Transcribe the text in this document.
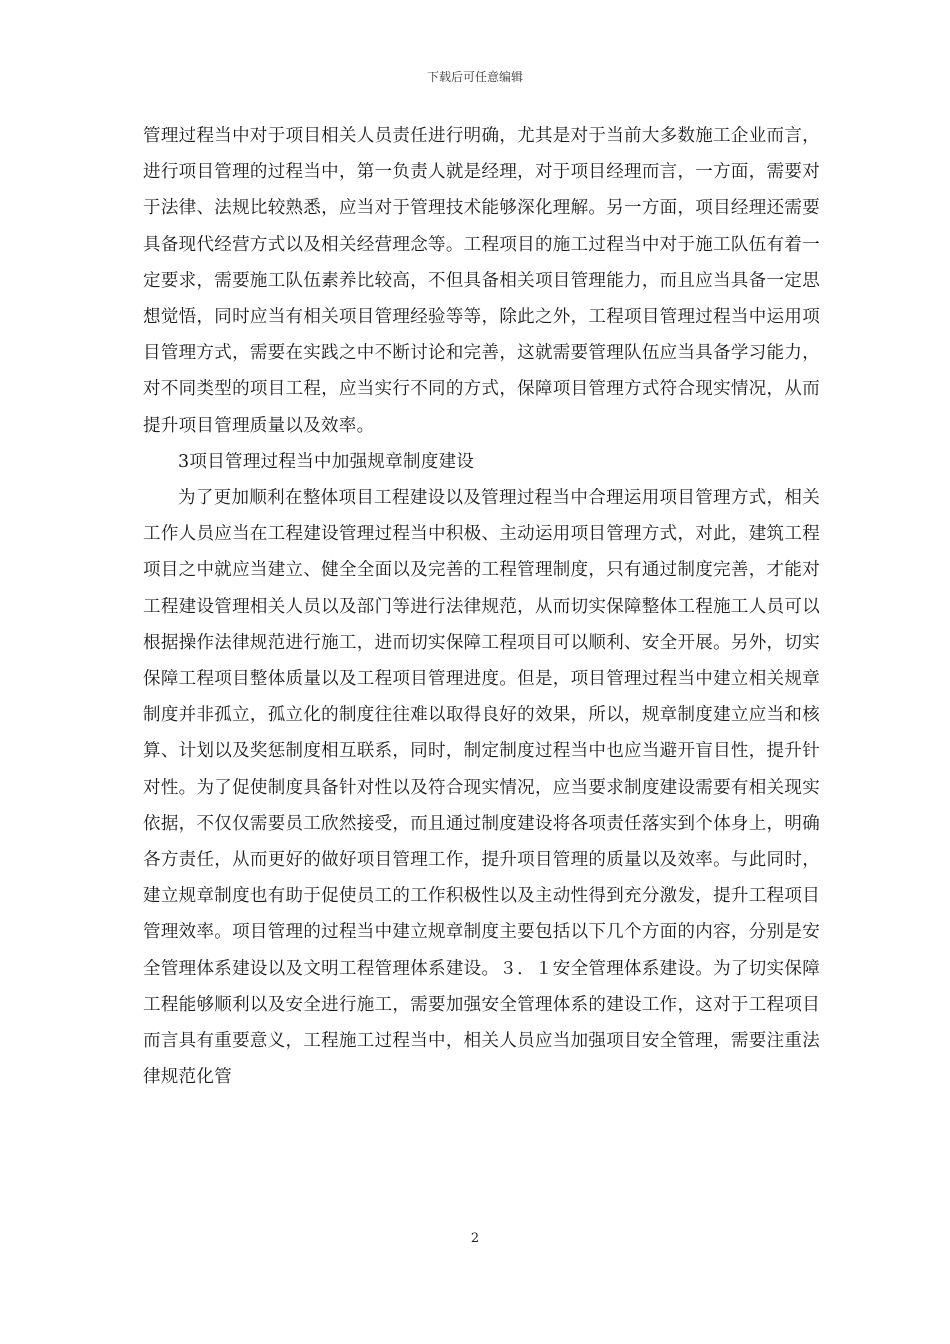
下载后可任意编辑

管理过程当中对于项目相关人员责任进行明确，尤其是对于当前大多数施工企业而言，进行项目管理的过程当中，第一负责人就是经理，对于项目经理而言，一方面，需要对于法律、法规比较熟悉，应当对于管理技术能够深化理解。另一方面，项目经理还需要具备现代经营方式以及相关经营理念等。工程项目的施工过程当中对于施工队伍有着一定要求，需要施工队伍素养比较高，不但具备相关项目管理能力，而且应当具备一定思想觉悟，同时应当有相关项目管理经验等等，除此之外，工程项目管理过程当中运用项目管理方式，需要在实践之中不断讨论和完善，这就需要管理队伍应当具备学习能力，对不同类型的项目工程，应当实行不同的方式，保障项目管理方式符合现实情况，从而提升项目管理质量以及效率。

3项目管理过程当中加强规章制度建设

为了更加顺利在整体项目工程建设以及管理过程当中合理运用项目管理方式，相关工作人员应当在工程建设管理过程当中积极、主动运用项目管理方式，对此，建筑工程项目之中就应当建立、健全全面以及完善的工程管理制度，只有通过制度完善，才能对工程建设管理相关人员以及部门等进行法律规范，从而切实保障整体工程施工人员可以根据操作法律规范进行施工，进而切实保障工程项目可以顺利、安全开展。另外，切实保障工程项目整体质量以及工程项目管理进度。但是，项目管理过程当中建立相关规章制度并非孤立，孤立化的制度往往难以取得良好的效果，所以，规章制度建立应当和核算、计划以及奖惩制度相互联系，同时，制定制度过程当中也应当避开盲目性，提升针对性。为了促使制度具备针对性以及符合现实情况，应当要求制度建设需要有相关现实依据，不仅仅需要员工欣然接受，而且通过制度建设将各项责任落实到个体身上，明确各方责任，从而更好的做好项目管理工作，提升项目管理的质量以及效率。与此同时，建立规章制度也有助于促使员工的工作积极性以及主动性得到充分激发，提升工程项目管理效率。项目管理的过程当中建立规章制度主要包括以下几个方面的内容，分别是安全管理体系建设以及文明工程管理体系建设。３．１安全管理体系建设。为了切实保障工程能够顺利以及安全进行施工，需要加强安全管理体系的建设工作，这对于工程项目而言具有重要意义，工程施工过程当中，相关人员应当加强项目安全管理，需要注重法律规范化管

2
